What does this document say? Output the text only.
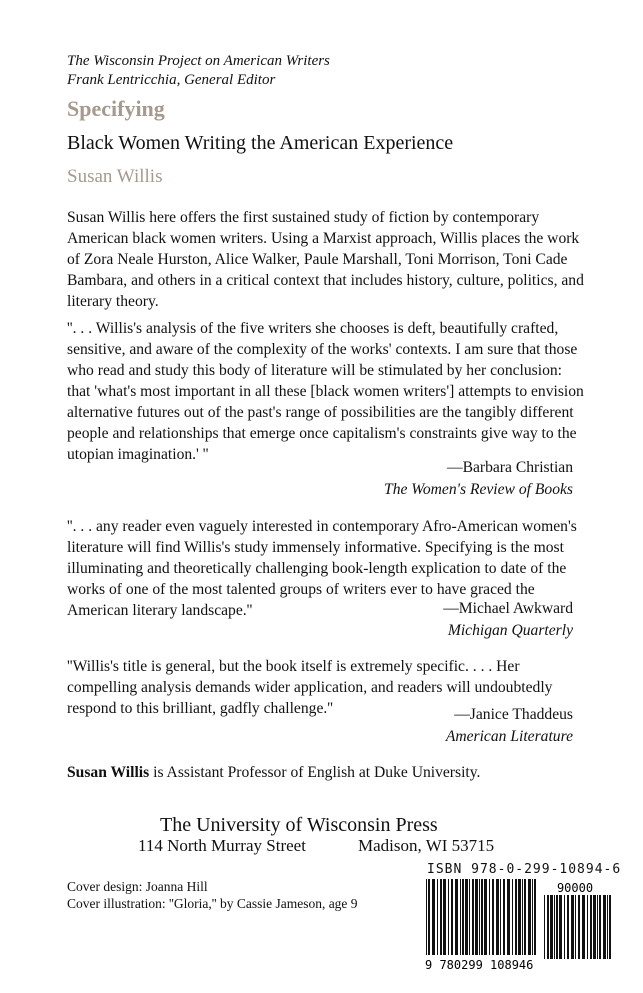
The Wisconsin Project on American Writers
Frank Lentricchia, General Editor
Specifying
Black Women Writing the American Experience
Susan Willis

Susan Willis here offers the first sustained study of fiction by contemporary American black women writers. Using a Marxist approach, Willis places the work of Zora Neale Hurston, Alice Walker, Paule Marshall, Toni Morrison, Toni Cade Bambara, and others in a critical context that includes history, culture, politics, and literary theory.

''. . . Willis's analysis of the five writers she chooses is deft, beautifully crafted, sensitive, and aware of the complexity of the works' contexts. I am sure that those who read and study this body of literature will be stimulated by her conclusion: that 'what's most important in all these [black women writers'] attempts to envision alternative futures out of the past's range of possibilities are the tangibly different people and relationships that emerge once capitalism's constraints give way to the utopian imagination.' ''

—Barbara Christian
The Women's Review of Books

''. . . any reader even vaguely interested in contemporary Afro-American women's literature will find Willis's study immensely informative. Specifying is the most illuminating and theoretically challenging book-length explication to date of the works of one of the most talented groups of writers ever to have graced the American literary landscape.''	—Michael Awkward
Michigan Quarterly

''Willis's title is general, but the book itself is extremely specific. . . . Her compelling analysis demands wider application, and readers will undoubtedly respond to this brilliant, gadfly challenge.''	—Janice Thaddeus
American Literature
Susan Willis is Assistant Professor of English at Duke University.
The University of Wisconsin Press
114 North Murray Street	Madison, WI 53715
Cover design: Joanna Hill
Cover illustration: ''Gloria,'' by Cassie Jameson, age 9
ISBN 978-0-299-10894-6
90000
9 780299 108946
